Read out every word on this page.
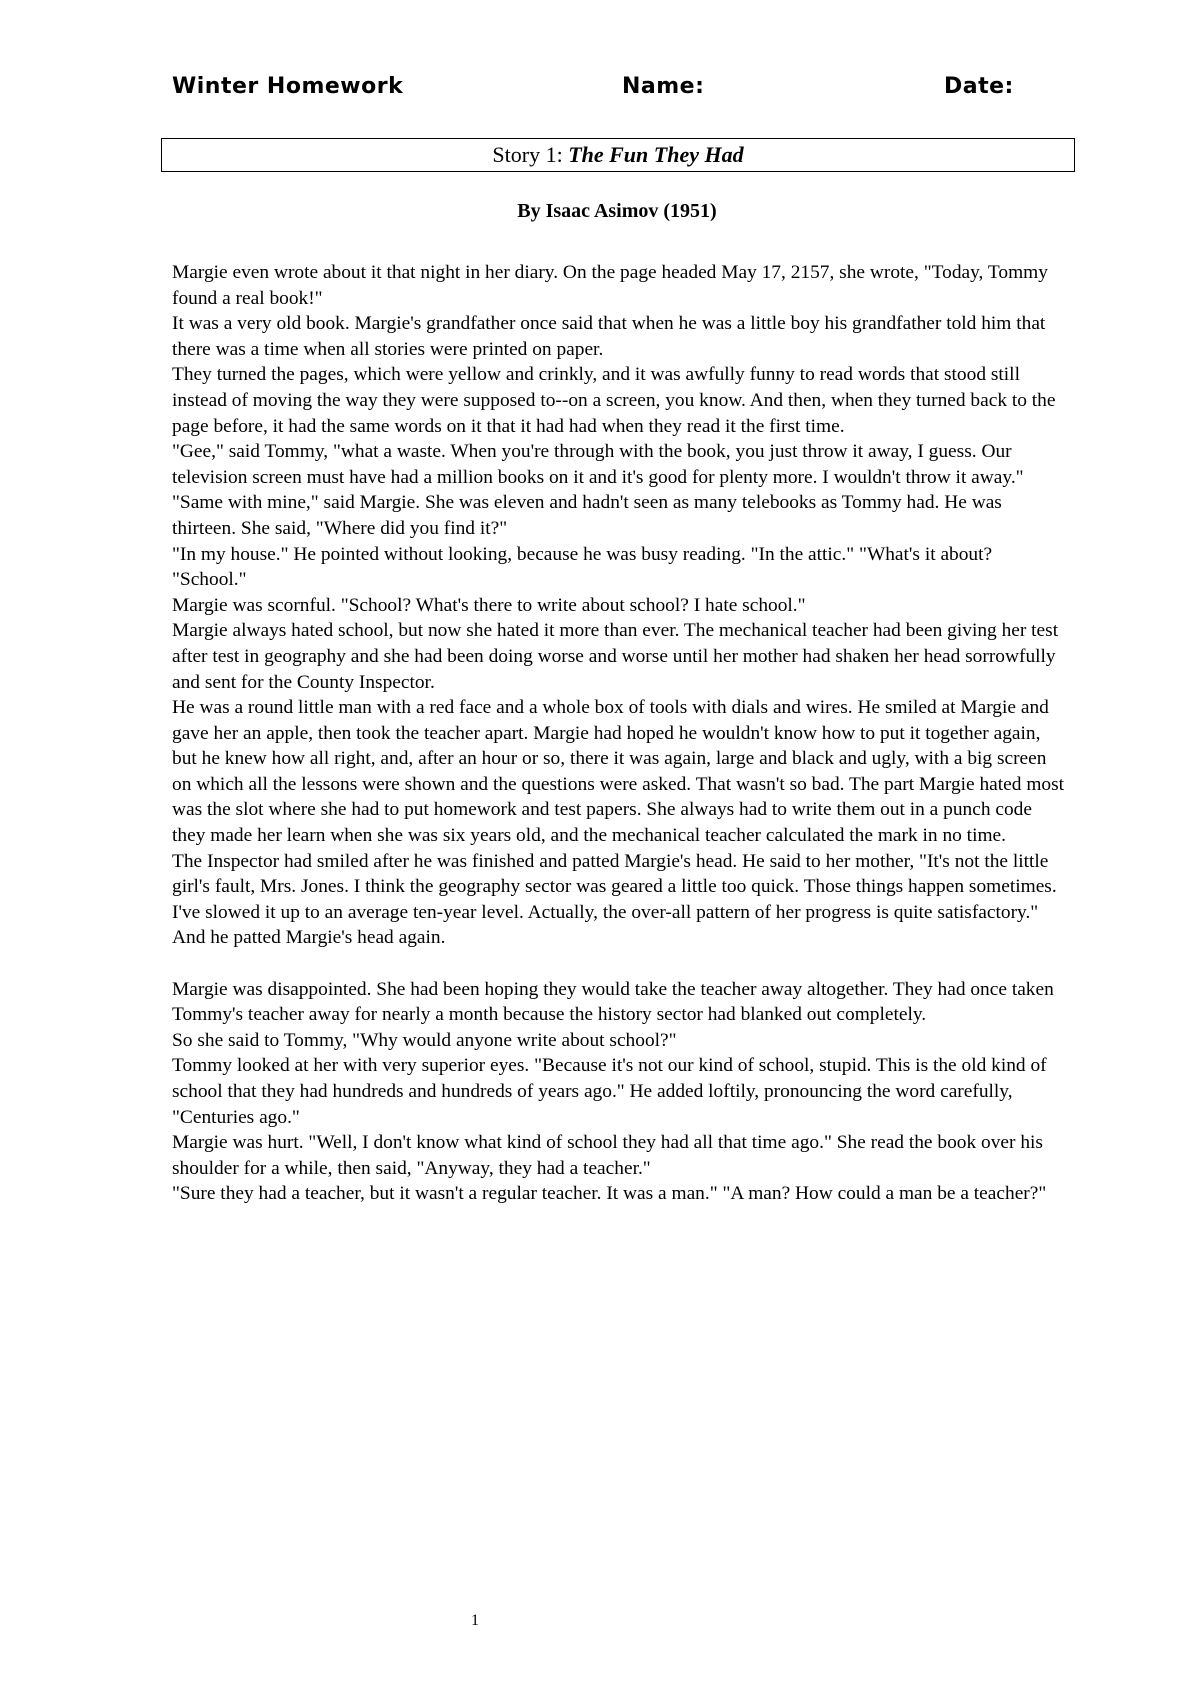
Winter Homework	Name:	Date:
Story 1: The Fun They Had
By Isaac Asimov (1951)

Margie even wrote about it that night in her diary. On the page headed May 17, 2157, she wrote, "Today, Tommy found a real book!"

It was a very old book. Margie's grandfather once said that when he was a little boy his grandfather told him that there was a time when all stories were printed on paper.

They turned the pages, which were yellow and crinkly, and it was awfully funny to read words that stood still instead of moving the way they were supposed to--on a screen, you know. And then, when they turned back to the page before, it had the same words on it that it had had when they read it the first time.

"Gee," said Tommy, "what a waste. When you're through with the book, you just throw it away, I guess. Our television screen must have had a million books on it and it's good for plenty more. I wouldn't throw it away."

"Same with mine," said Margie. She was eleven and hadn't seen as many telebooks as Tommy had. He was thirteen. She said, "Where did you find it?"

"In my house." He pointed without looking, because he was busy reading. "In the attic." "What's it about? "School."

Margie was scornful. "School? What's there to write about school? I hate school."

Margie always hated school, but now she hated it more than ever. The mechanical teacher had been giving her test after test in geography and she had been doing worse and worse until her mother had shaken her head sorrowfully and sent for the County Inspector.

He was a round little man with a red face and a whole box of tools with dials and wires. He smiled at Margie and gave her an apple, then took the teacher apart. Margie had hoped he wouldn't know how to put it together again, but he knew how all right, and, after an hour or so, there it was again, large and black and ugly, with a big screen on which all the lessons were shown and the questions were asked. That wasn't so bad. The part Margie hated most was the slot where she had to put homework and test papers. She always had to write them out in a punch code they made her learn when she was six years old, and the mechanical teacher calculated the mark in no time.

The Inspector had smiled after he was finished and patted Margie's head. He said to her mother, "It's not the little girl's fault, Mrs. Jones. I think the geography sector was geared a little too quick. Those things happen sometimes. I've slowed it up to an average ten-year level. Actually, the over-all pattern of her progress is quite satisfactory." And he patted Margie's head again.

Margie was disappointed. She had been hoping they would take the teacher away altogether. They had once taken Tommy's teacher away for nearly a month because the history sector had blanked out completely.

So she said to Tommy, "Why would anyone write about school?"

Tommy looked at her with very superior eyes. "Because it's not our kind of school, stupid. This is the old kind of school that they had hundreds and hundreds of years ago." He added loftily, pronouncing the word carefully, "Centuries ago."

Margie was hurt. "Well, I don't know what kind of school they had all that time ago." She read the book over his shoulder for a while, then said, "Anyway, they had a teacher."

"Sure they had a teacher, but it wasn't a regular teacher. It was a man." "A man? How could a man be a teacher?"

1
